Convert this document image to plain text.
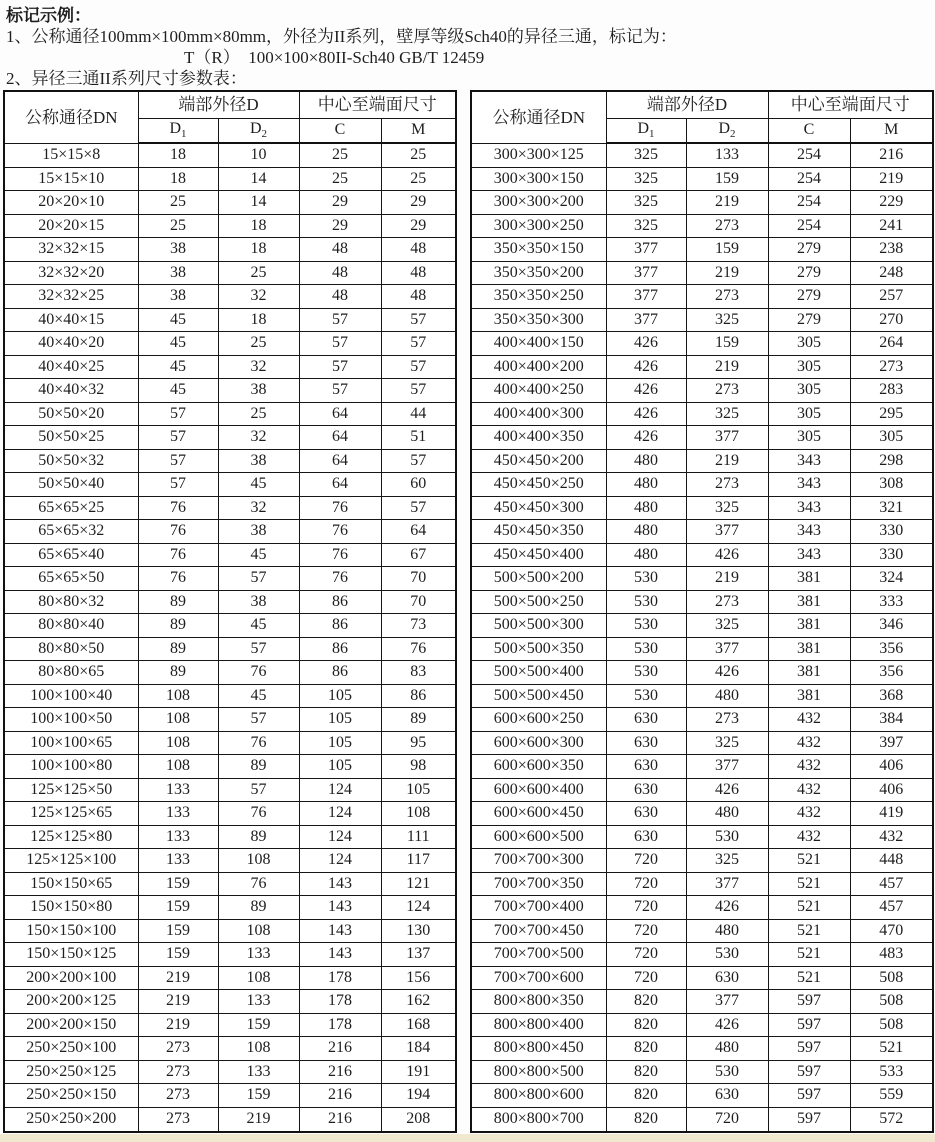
标记示例：
1、公称通径100mm×100mm×80mm，外径为II系列，壁厚等级Sch40的异径三通，标记为：
T（R）  100×100×80II-Sch40 GB/T 12459
2、异径三通II系列尺寸参数表：
公称通径DN	端部外径D		中心至端面尺寸	
	$D_1$	$D_2$	C	M
15×15×8	18	10	25	25
15×15×10	18	14	25	25
20×20×10	25	14	29	29
20×20×15	25	18	29	29
32×32×15	38	18	48	48
32×32×20	38	25	48	48
32×32×25	38	32	48	48
40×40×15	45	18	57	57
40×40×20	45	25	57	57
40×40×25	45	32	57	57
40×40×32	45	38	57	57
50×50×20	57	25	64	44
50×50×25	57	32	64	51
50×50×32	57	38	64	57
50×50×40	57	45	64	60
65×65×25	76	32	76	57
65×65×32	76	38	76	64
65×65×40	76	45	76	67
65×65×50	76	57	76	70
80×80×32	89	38	86	70
80×80×40	89	45	86	73
80×80×50	89	57	86	76
80×80×65	89	76	86	83
100×100×40	108	45	105	86
100×100×50	108	57	105	89
100×100×65	108	76	105	95
100×100×80	108	89	105	98
125×125×50	133	57	124	105
125×125×65	133	76	124	108
125×125×80	133	89	124	111
125×125×100	133	108	124	117
150×150×65	159	76	143	121
150×150×80	159	89	143	124
150×150×100	159	108	143	130
150×150×125	159	133	143	137
200×200×100	219	108	178	156
200×200×125	219	133	178	162
200×200×150	219	159	178	168
250×250×100	273	108	216	184
250×250×125	273	133	216	191
250×250×150	273	159	216	194
250×250×200	273	219	216	208
公称通径DN	端部外径D		中心至端面尺寸	
	$D_1$	$D_2$	C	M
300×300×125	325	133	254	216
300×300×150	325	159	254	219
300×300×200	325	219	254	229
300×300×250	325	273	254	241
350×350×150	377	159	279	238
350×350×200	377	219	279	248
350×350×250	377	273	279	257
350×350×300	377	325	279	270
400×400×150	426	159	305	264
400×400×200	426	219	305	273
400×400×250	426	273	305	283
400×400×300	426	325	305	295
400×400×350	426	377	305	305
450×450×200	480	219	343	298
450×450×250	480	273	343	308
450×450×300	480	325	343	321
450×450×350	480	377	343	330
450×450×400	480	426	343	330
500×500×200	530	219	381	324
500×500×250	530	273	381	333
500×500×300	530	325	381	346
500×500×350	530	377	381	356
500×500×400	530	426	381	356
500×500×450	530	480	381	368
600×600×250	630	273	432	384
600×600×300	630	325	432	397
600×600×350	630	377	432	406
600×600×400	630	426	432	406
600×600×450	630	480	432	419
600×600×500	630	530	432	432
700×700×300	720	325	521	448
700×700×350	720	377	521	457
700×700×400	720	426	521	457
700×700×450	720	480	521	470
700×700×500	720	530	521	483
700×700×600	720	630	521	508
800×800×350	820	377	597	508
800×800×400	820	426	597	508
800×800×450	820	480	597	521
800×800×500	820	530	597	533
800×800×600	820	630	597	559
800×800×700	820	720	597	572
